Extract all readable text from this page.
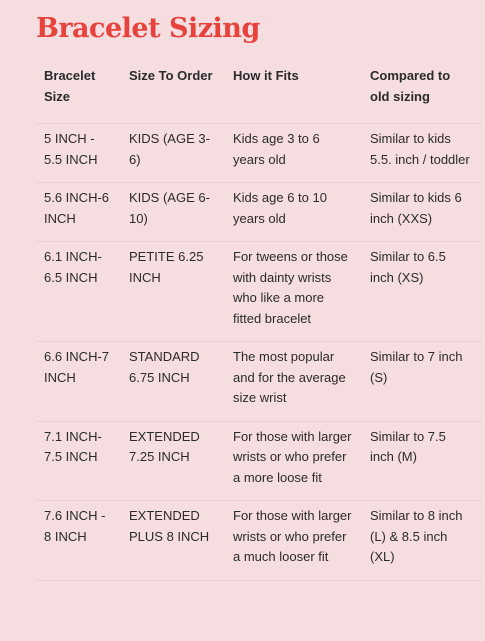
Bracelet Sizing
Bracelet Size	Size To Order	How it Fits	Compared to old sizing
5 INCH - 5.5 INCH	KIDS (AGE 3-6)	Kids age 3 to 6 years old	Similar to kids 5.5. inch / toddler
5.6 INCH-6 INCH	KIDS (AGE 6-10)	Kids age 6 to 10 years old	Similar to kids 6 inch (XXS)
6.1 INCH-6.5 INCH	PETITE 6.25 INCH	For tweens or those with dainty wrists who like a more fitted bracelet	Similar to 6.5 inch (XS)
6.6 INCH-7 INCH	STANDARD 6.75 INCH	The most popular and for the average size wrist	Similar to 7 inch (S)
7.1 INCH-7.5 INCH	EXTENDED 7.25 INCH	For those with larger wrists or who prefer a more loose fit	Similar to 7.5 inch (M)
7.6 INCH - 8 INCH	EXTENDED PLUS 8 INCH	For those with larger wrists or who prefer a much looser fit	Similar to 8 inch (L) & 8.5 inch (XL)
